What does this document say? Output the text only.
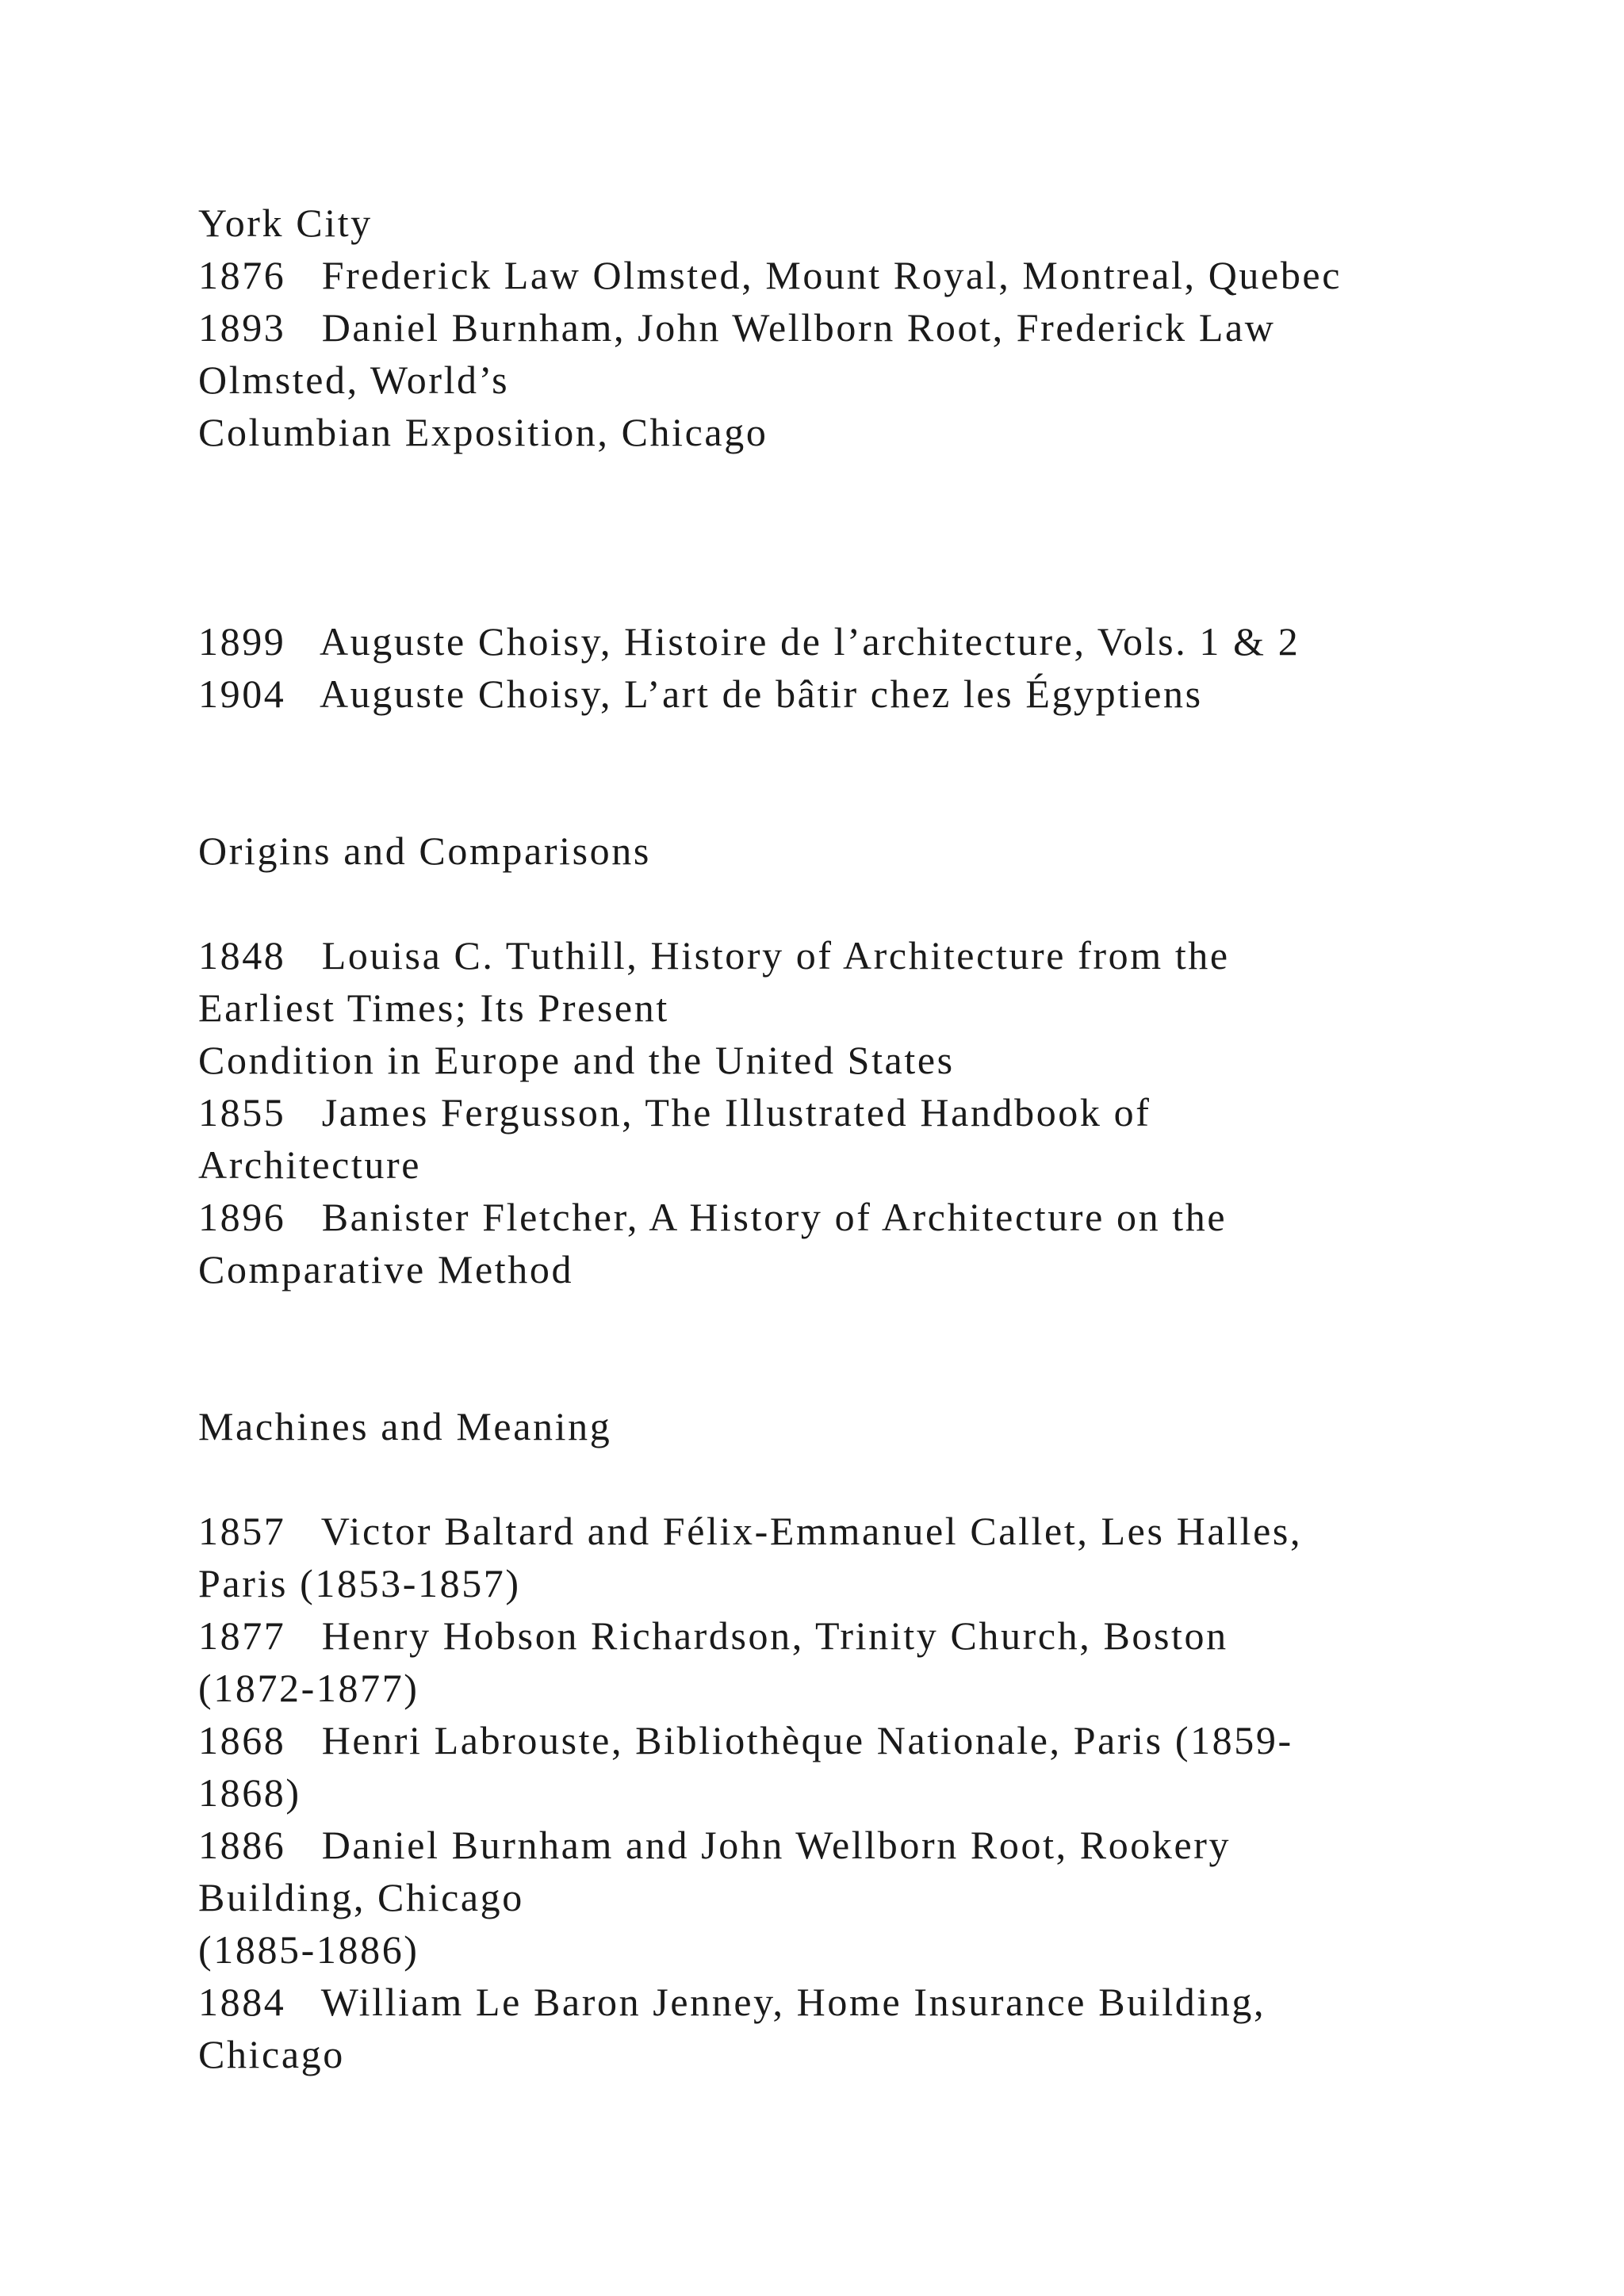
York City

1876   Frederick Law Olmsted, Mount Royal, Montreal, Quebec

1893   Daniel Burnham, John Wellborn Root, Frederick Law

Olmsted, World’s

Columbian Exposition, Chicago

1899   Auguste Choisy, Histoire de l’architecture, Vols. 1 & 2

1904   Auguste Choisy, L’art de bâtir chez les Égyptiens

Origins and Comparisons

1848   Louisa C. Tuthill, History of Architecture from the

Earliest Times; Its Present

Condition in Europe and the United States

1855   James Fergusson, The Illustrated Handbook of

Architecture

1896   Banister Fletcher, A History of Architecture on the

Comparative Method

Machines and Meaning

1857   Victor Baltard and Félix-Emmanuel Callet, Les Halles,

Paris (1853-1857)

1877   Henry Hobson Richardson, Trinity Church, Boston

(1872-1877)

1868   Henri Labrouste, Bibliothèque Nationale, Paris (1859-

1868)

1886   Daniel Burnham and John Wellborn Root, Rookery

Building, Chicago

(1885-1886)

1884   William Le Baron Jenney, Home Insurance Building,

Chicago
